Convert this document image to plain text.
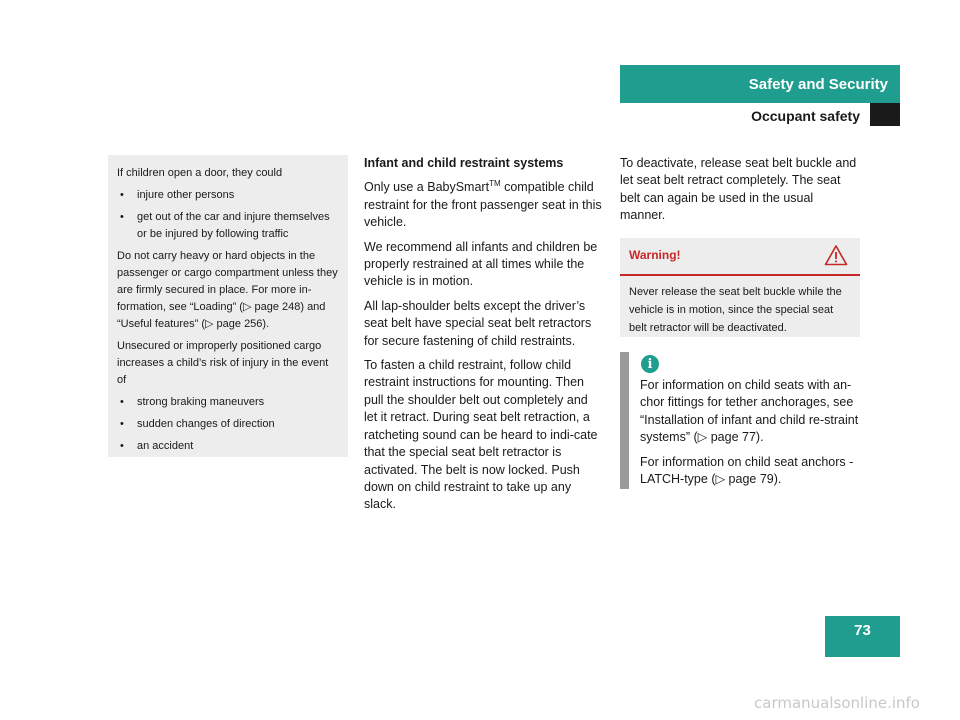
Safety and Security
Occupant safety

If children open a door, they could

• injure other persons
• get out of the car and injure themselves or be injured by following traffic

Do not carry heavy or hard objects in the passenger or cargo compartment unless they are firmly secured in place. For more in-formation, see “Loading” (▷ page 248) and “Useful features” (▷ page 256).

Unsecured or improperly positioned cargo increases a child’s risk of injury in the event of

• strong braking maneuvers
• sudden changes of direction
• an accident
Infant and child restraint systems

Only use a BabySmart™ compatible child restraint for the front passenger seat in this vehicle.

We recommend all infants and children be properly restrained at all times while the vehicle is in motion.

All lap-shoulder belts except the driver’s seat belt have special seat belt retractors for secure fastening of child restraints.

To fasten a child restraint, follow child restraint instructions for mounting. Then pull the shoulder belt out completely and let it retract. During seat belt retraction, a ratcheting sound can be heard to indi-cate that the special seat belt retractor is activated. The belt is now locked. Push down on child restraint to take up any slack.

To deactivate, release seat belt buckle and let seat belt retract completely. The seat belt can again be used in the usual manner.

Warning!
Never release the seat belt buckle while the vehicle is in motion, since the special seat belt retractor will be deactivated.
i

For information on child seats with an-chor fittings for tether anchorages, see “Installation of infant and child re-straint systems” (▷ page 77).

For information on child seat anchors - LATCH-type (▷ page 79).

73
carmanualsonline.info
